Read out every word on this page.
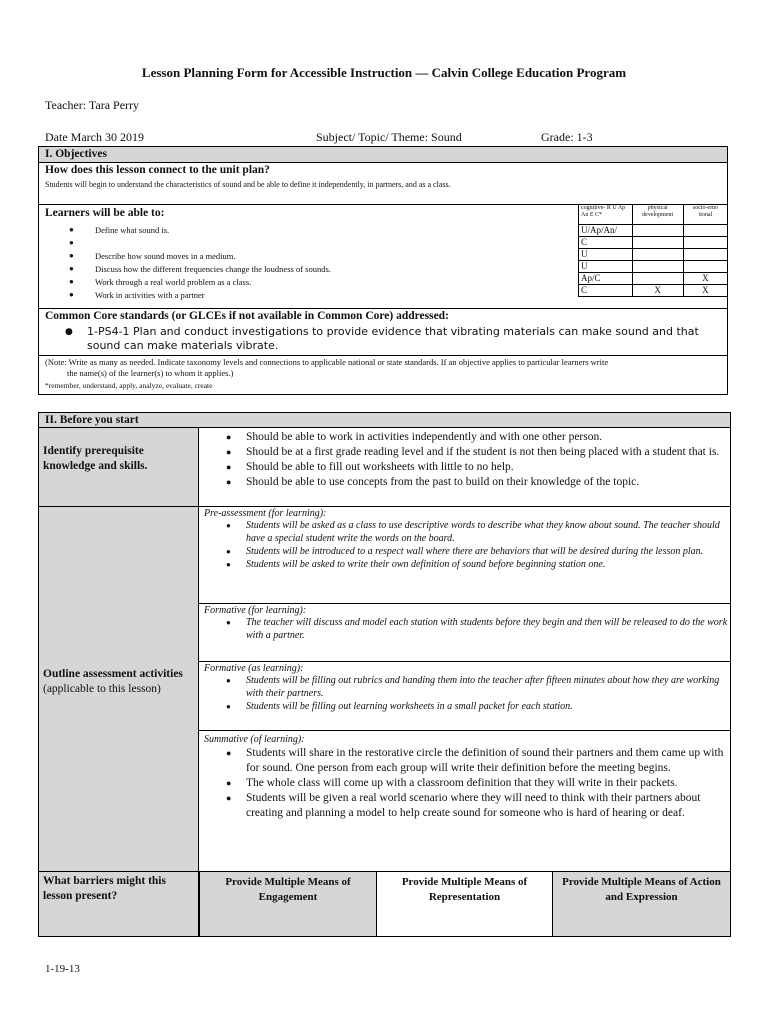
Lesson Planning Form for Accessible Instruction — Calvin College Education Program
Teacher: Tara Perry
Date March 30 2019	Subject/ Topic/ Theme: Sound	Grade: 1-3
I. Objectives
How does this lesson connect to the unit plan?
Students will begin to understand the characteristics of sound and be able to define it independently, in partners, and as a class.
Learners will be able to:
● Define what sound is.
●
● Describe how sound moves in a medium.
● Discuss how the different frequencies change the loudness of sounds.
● Work through a real world problem as a class.
● Work in activities with a partner
cognitive- R U Ap An E C*	physical development	socio-emo tional
U/Ap/An/		
C		
U		
U		
Ap/C		X
C	X	X
Common Core standards (or GLCEs if not available in Common Core) addressed:
●	1-PS4-1 Plan and conduct investigations to provide evidence that vibrating materials can make sound and that sound can make materials vibrate.
(Note: Write as many as needed. Indicate taxonomy levels and connections to applicable national or state standards. If an objective applies to particular learners write
the name(s) of the learner(s) to whom it applies.)
*remember, understand, apply, analyze, evaluate, create
II. Before you start
Identify prerequisite knowledge and skills.
● Should be able to work in activities independently and with one other person.
● Should be at a first grade reading level and if the student is not then being placed with a student that is.
● Should be able to fill out worksheets with little to no help.
● Should be able to use concepts from the past to build on their knowledge of the topic.
Outline assessment activities
(applicable to this lesson)
Pre-assessment (for learning):
● Students will be asked as a class to use descriptive words to describe what they know about sound. The teacher should have a special student write the words on the board.
● Students will be introduced to a respect wall where there are behaviors that will be desired during the lesson plan.
● Students will be asked to write their own definition of sound before beginning station one.
Formative (for learning):
● The teacher will discuss and model each station with students before they begin and then will be released to do the work with a partner.
Formative (as learning):
● Students will be filling out rubrics and handing them into the teacher after fifteen minutes about how they are working with their partners.
● Students will be filling out learning worksheets in a small packet for each station.
Summative (of learning):
● Students will share in the restorative circle the definition of sound their partners and them came up with for sound. One person from each group will write their definition before the meeting begins.
● The whole class will come up with a classroom definition that they will write in their packets.
● Students will be given a real world scenario where they will need to think with their partners about creating and planning a model to help create sound for someone who is hard of hearing or deaf.
What barriers might this lesson present?
Provide Multiple Means of Engagement
Provide Multiple Means of Representation
Provide Multiple Means of Action and Expression
1-19-13
